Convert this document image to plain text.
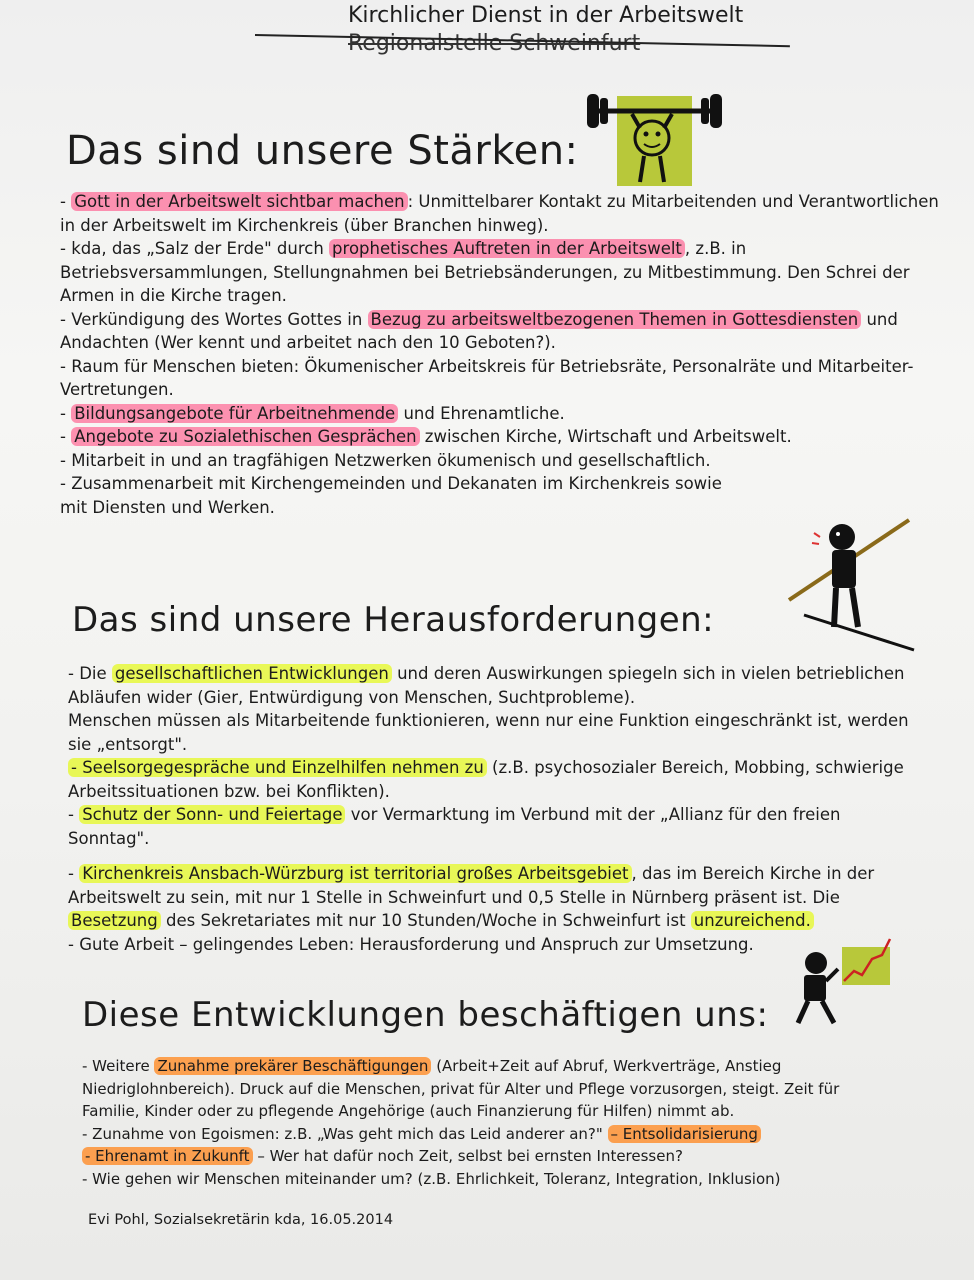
Kirchlicher Dienst in der Arbeitswelt
Regionalstelle Schweinfurt
Das sind unsere Stärken:

- Gott in der Arbeitswelt sichtbar machen : Unmittelbarer Kontakt zu Mitarbeitenden und Verantwortlichen in der Arbeitswelt im Kirchenkreis (über Branchen hinweg).

- kda, das „Salz der Erde" durch prophetisches Auftreten in der Arbeitswelt , z.B. in Betriebsversammlungen, Stellungnahmen bei Betriebsänderungen, zu Mitbestimmung. Den Schrei der Armen in die Kirche tragen.

- Verkündigung des Wortes Gottes in Bezug zu arbeitsweltbezogenen Themen in Gottesdiensten und Andachten (Wer kennt und arbeitet nach den 10 Geboten?).

- Raum für Menschen bieten: Ökumenischer Arbeitskreis für Betriebsräte, Personalräte und Mitarbeiter-Vertretungen.

- Bildungsangebote für Arbeitnehmende und Ehrenamtliche.

- Angebote zu Sozialethischen Gesprächen zwischen Kirche, Wirtschaft und Arbeitswelt.

- Mitarbeit in und an tragfähigen Netzwerken ökumenisch und gesellschaftlich.

- Zusammenarbeit mit Kirchengemeinden und Dekanaten im Kirchenkreis sowie mit Diensten und Werken.

Das sind unsere Herausforderungen:

- Die gesellschaftlichen Entwicklungen und deren Auswirkungen spiegeln sich in vielen betrieblichen Abläufen wider (Gier, Entwürdigung von Menschen, Suchtprobleme).

Menschen müssen als Mitarbeitende funktionieren, wenn nur eine Funktion eingeschränkt ist, werden sie „entsorgt".

- Seelsorgegespräche und Einzelhilfen nehmen zu (z.B. psychosozialer Bereich, Mobbing, schwierige Arbeitssituationen bzw. bei Konflikten).

- Schutz der Sonn- und Feiertage vor Vermarktung im Verbund mit der „Allianz für den freien Sonntag".

- Kirchenkreis Ansbach-Würzburg ist territorial großes Arbeitsgebiet , das im Bereich Kirche in der Arbeitswelt zu sein, mit nur 1 Stelle in Schweinfurt und 0,5 Stelle in Nürnberg präsent ist. Die Besetzung des Sekretariates mit nur 10 Stunden/Woche in Schweinfurt ist unzureichend.

- Gute Arbeit – gelingendes Leben: Herausforderung und Anspruch zur Umsetzung.

Diese Entwicklungen beschäftigen uns:

- Weitere Zunahme prekärer Beschäftigungen (Arbeit+Zeit auf Abruf, Werkverträge, Anstieg Niedriglohnbereich). Druck auf die Menschen, privat für Alter und Pflege vorzusorgen, steigt. Zeit für Familie, Kinder oder zu pflegende Angehörige (auch Finanzierung für Hilfen) nimmt ab.

- Zunahme von Egoismen: z.B. „Was geht mich das Leid anderer an?" – Entsolidarisierung

- Ehrenamt in Zukunft – Wer hat dafür noch Zeit, selbst bei ernsten Interessen?

- Wie gehen wir Menschen miteinander um? (z.B. Ehrlichkeit, Toleranz, Integration, Inklusion)

Evi Pohl, Sozialsekretärin kda, 16.05.2014
